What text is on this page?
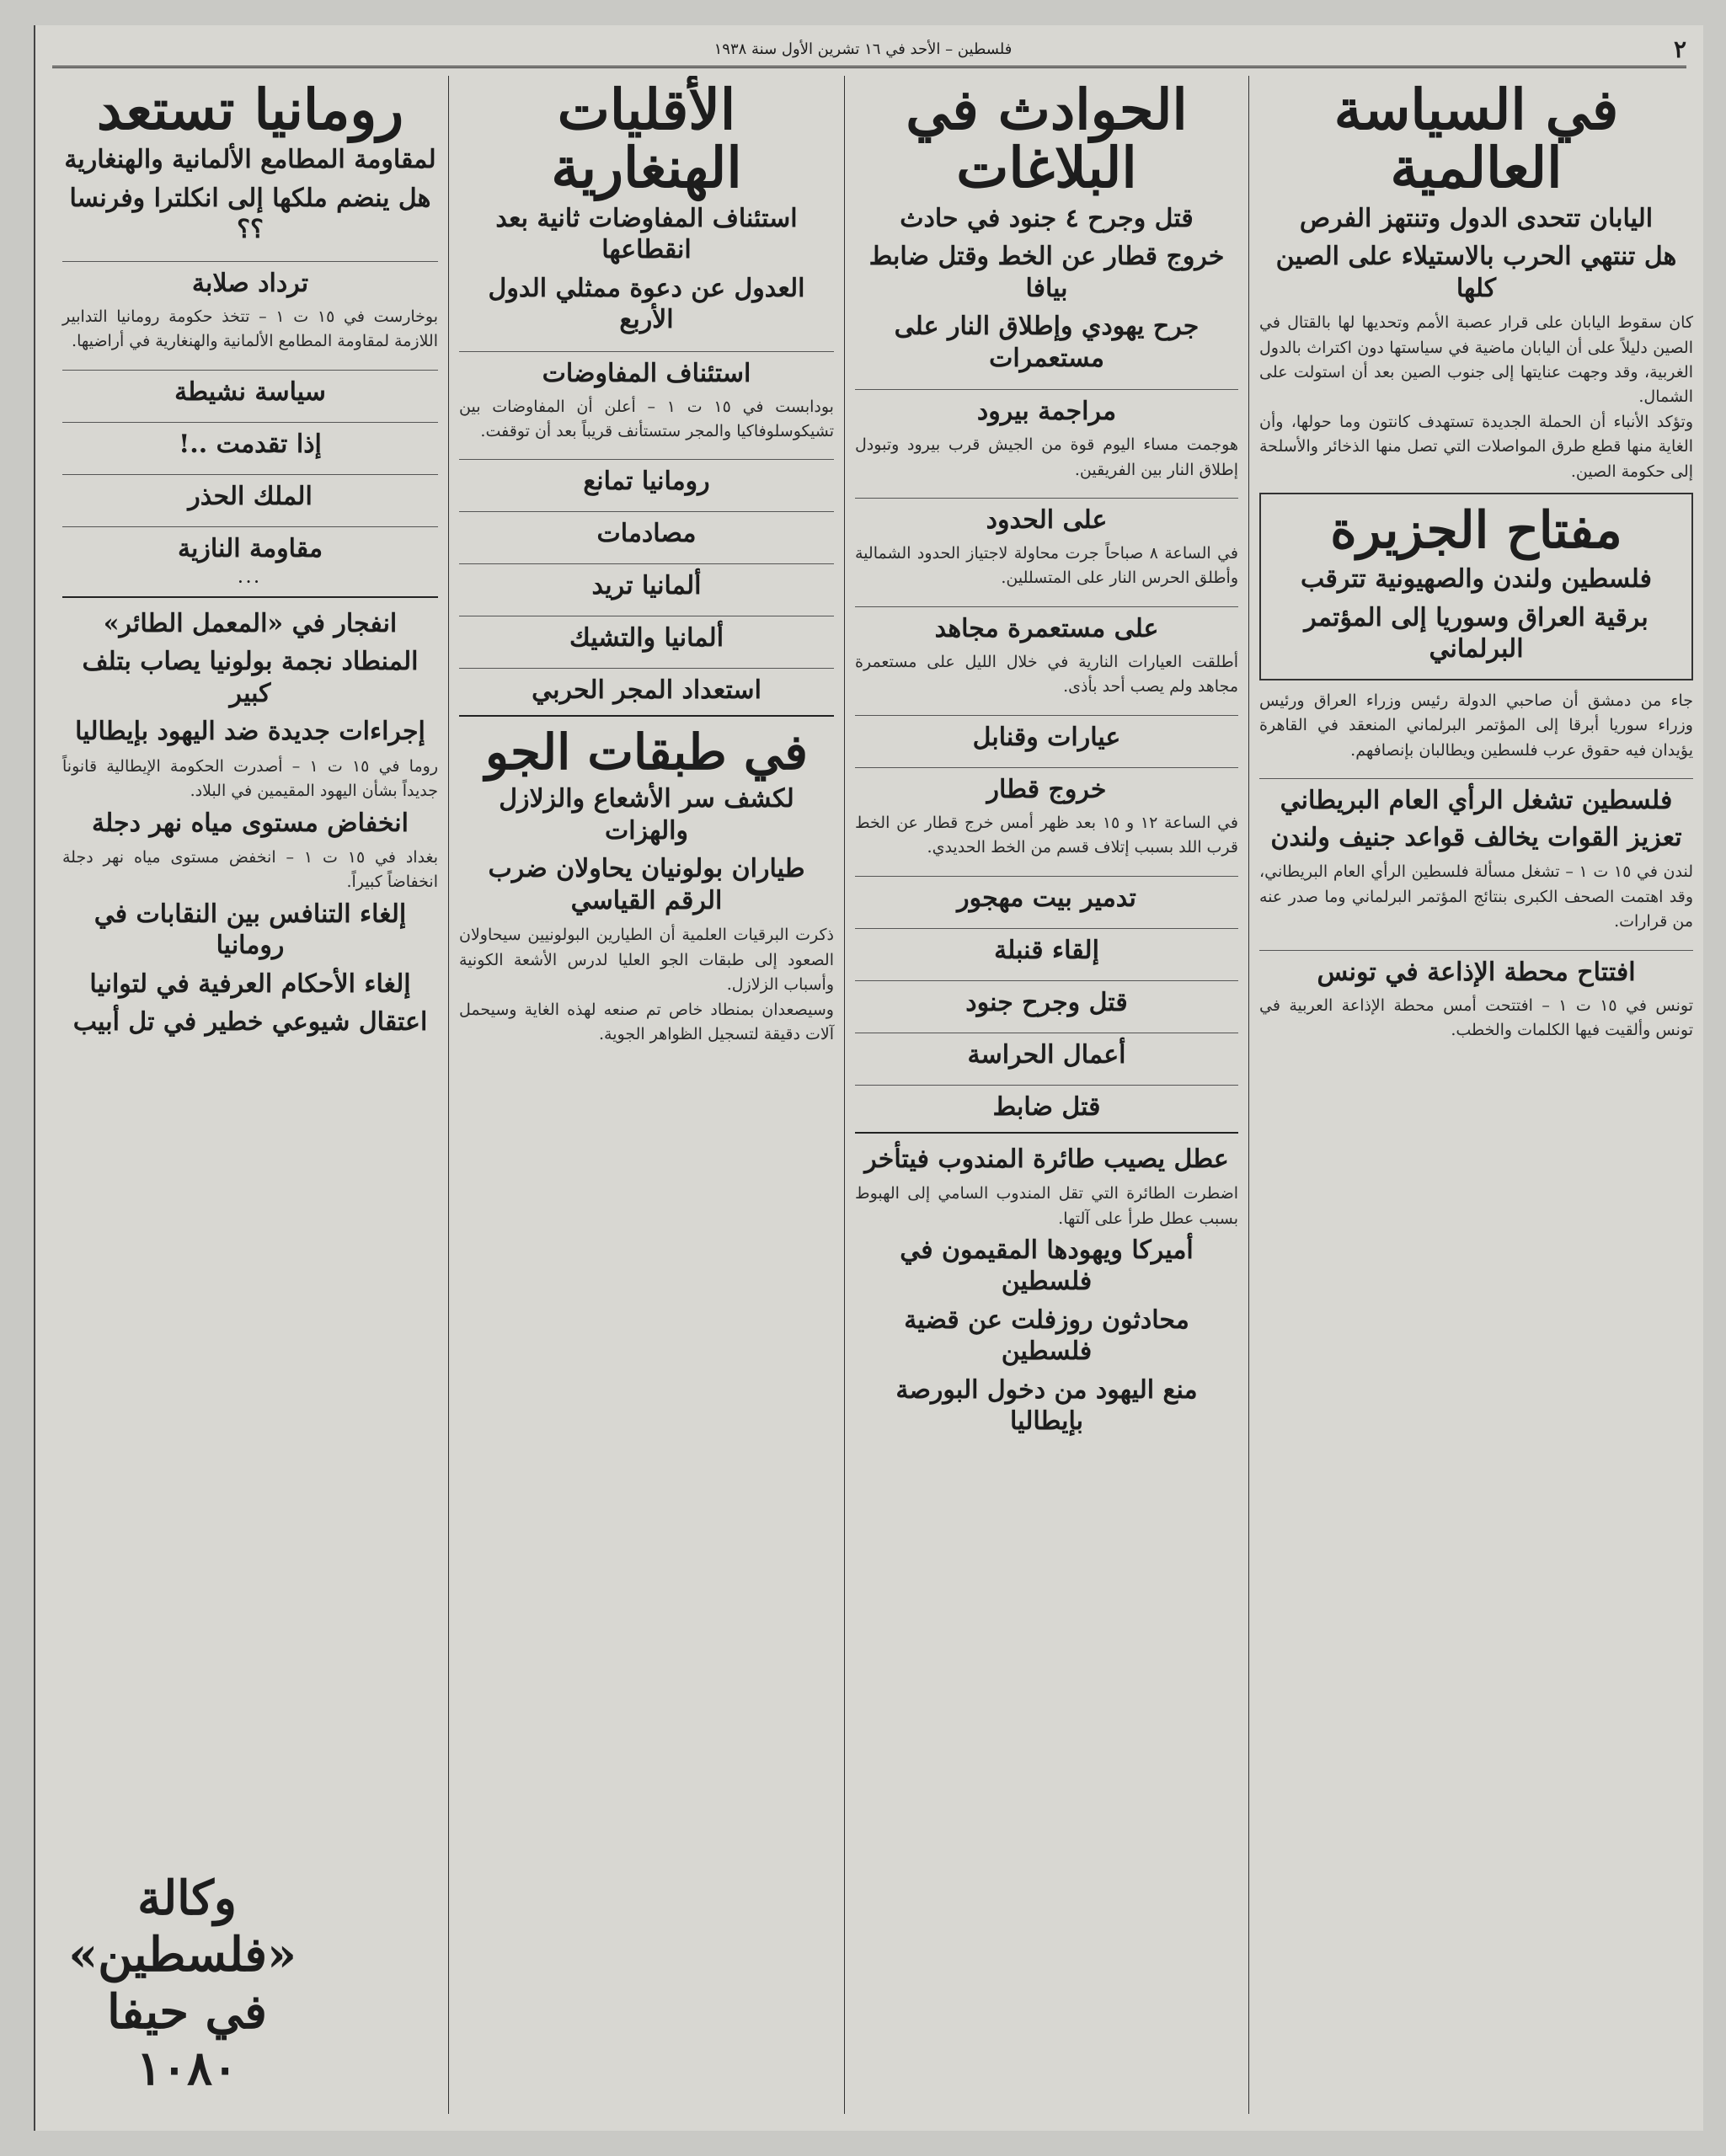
٢
فلسطين – الأحد في ١٦ تشرين الأول سنة ١٩٣٨
في السياسة العالمية
اليابان تتحدى الدول وتنتهز الفرص
هل تنتهي الحرب بالاستيلاء على الصين كلها
كان سقوط اليابان على قرار عصبة الأمم وتحديها لها بالقتال في الصين دليلاً على أن اليابان ماضية في سياستها دون اكتراث بالدول الغربية، وقد وجهت عنايتها إلى جنوب الصين بعد أن استولت على الشمال.
وتؤكد الأنباء أن الحملة الجديدة تستهدف كانتون وما حولها، وأن الغاية منها قطع طرق المواصلات التي تصل منها الذخائر والأسلحة إلى حكومة الصين.
مفتاح الجزيرة
فلسطين ولندن والصهيونية تترقب
برقية العراق وسوريا إلى المؤتمر البرلماني
جاء من دمشق أن صاحبي الدولة رئيس وزراء العراق ورئيس وزراء سوريا أبرقا إلى المؤتمر البرلماني المنعقد في القاهرة يؤيدان فيه حقوق عرب فلسطين ويطالبان بإنصافهم.
فلسطين تشغل الرأي العام البريطاني
تعزيز القوات يخالف قواعد جنيف ولندن
لندن في ١٥ ت ١ – تشغل مسألة فلسطين الرأي العام البريطاني، وقد اهتمت الصحف الكبرى بنتائج المؤتمر البرلماني وما صدر عنه من قرارات.
افتتاح محطة الإذاعة في تونس
تونس في ١٥ ت ١ – افتتحت أمس محطة الإذاعة العربية في تونس وألقيت فيها الكلمات والخطب.
الحوادث في البلاغات
قتل وجرح ٤ جنود في حادث
خروج قطار عن الخط وقتل ضابط بيافا
جرح يهودي وإطلاق النار على مستعمرات
مراجمة بيرود
هوجمت مساء اليوم قوة من الجيش قرب بيرود وتبودل إطلاق النار بين الفريقين.
على الحدود
في الساعة ٨ صباحاً جرت محاولة لاجتياز الحدود الشمالية وأطلق الحرس النار على المتسللين.
على مستعمرة مجاهد
أطلقت العيارات النارية في خلال الليل على مستعمرة مجاهد ولم يصب أحد بأذى.
عيارات وقنابل
خروج قطار
في الساعة ١٢ و ١٥ بعد ظهر أمس خرج قطار عن الخط قرب اللد بسبب إتلاف قسم من الخط الحديدي.
تدمير بيت مهجور
إلقاء قنبلة
قتل وجرح جنود
أعمال الحراسة
قتل ضابط
عطل يصيب طائرة المندوب فيتأخر
اضطرت الطائرة التي تقل المندوب السامي إلى الهبوط بسبب عطل طرأ على آلتها.
أميركا ويهودها المقيمون في فلسطين
محادثون روزفلت عن قضية فلسطين
منع اليهود من دخول البورصة بإيطاليا
الأقليات الهنغارية
استئناف المفاوضات ثانية بعد انقطاعها
العدول عن دعوة ممثلي الدول الأربع
استئناف المفاوضات
بودابست في ١٥ ت ١ – أعلن أن المفاوضات بين تشيكوسلوفاكيا والمجر ستستأنف قريباً بعد أن توقفت.
رومانيا تمانع
مصادمات
ألمانيا تريد
ألمانيا والتشيك
استعداد المجر الحربي
في طبقات الجو
لكشف سر الأشعاع والزلازل والهزات
طياران بولونيان يحاولان ضرب الرقم القياسي
ذكرت البرقيات العلمية أن الطيارين البولونيين سيحاولان الصعود إلى طبقات الجو العليا لدرس الأشعة الكونية وأسباب الزلازل.
وسيصعدان بمنطاد خاص تم صنعه لهذه الغاية وسيحمل آلات دقيقة لتسجيل الظواهر الجوية.
رومانيا تستعد
لمقاومة المطامع الألمانية والهنغارية
هل ينضم ملكها إلى انكلترا وفرنسا ؟؟
ترداد صلابة
بوخارست في ١٥ ت ١ – تتخذ حكومة رومانيا التدابير اللازمة لمقاومة المطامع الألمانية والهنغارية في أراضيها.
سياسة نشيطة
إذا تقدمت ..!
الملك الحذر
مقاومة النازية
...
انفجار في «المعمل الطائر»
المنطاد نجمة بولونيا يصاب بتلف كبير
إجراءات جديدة ضد اليهود بإيطاليا
روما في ١٥ ت ١ – أصدرت الحكومة الإيطالية قانوناً جديداً بشأن اليهود المقيمين في البلاد.
انخفاض مستوى مياه نهر دجلة
بغداد في ١٥ ت ١ – انخفض مستوى مياه نهر دجلة انخفاضاً كبيراً.
إلغاء التنافس بين النقابات في رومانيا
إلغاء الأحكام العرفية في لتوانيا
اعتقال شيوعي خطير في تل أبيب
وكالة «فلسطين»
في حيفا ١٠٨٠
